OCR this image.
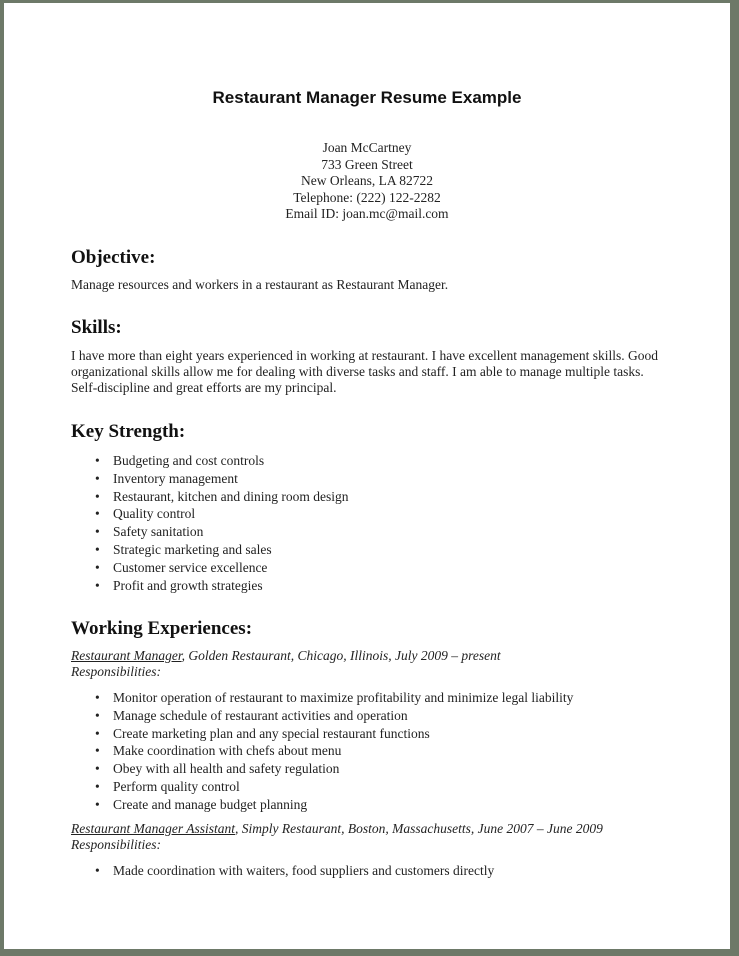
Restaurant Manager Resume Example
Joan McCartney
733 Green Street
New Orleans, LA 82722
Telephone: (222) 122-2282
Email ID: joan.mc@mail.com
Objective:
Manage resources and workers in a restaurant as Restaurant Manager.
Skills:
I have more than eight years experienced in working at restaurant. I have excellent management skills. Good organizational skills allow me for dealing with diverse tasks and staff. I am able to manage multiple tasks. Self-discipline and great efforts are my principal.
Key Strength:
• Budgeting and cost controls
• Inventory management
• Restaurant, kitchen and dining room design
• Quality control
• Safety sanitation
• Strategic marketing and sales
• Customer service excellence
• Profit and growth strategies
Working Experiences:
Restaurant Manager, Golden Restaurant, Chicago, Illinois, July 2009 – present
Responsibilities:
• Monitor operation of restaurant to maximize profitability and minimize legal liability
• Manage schedule of restaurant activities and operation
• Create marketing plan and any special restaurant functions
• Make coordination with chefs about menu
• Obey with all health and safety regulation
• Perform quality control
• Create and manage budget planning
Restaurant Manager Assistant, Simply Restaurant, Boston, Massachusetts, June 2007 – June 2009
Responsibilities:
• Made coordination with waiters, food suppliers and customers directly
